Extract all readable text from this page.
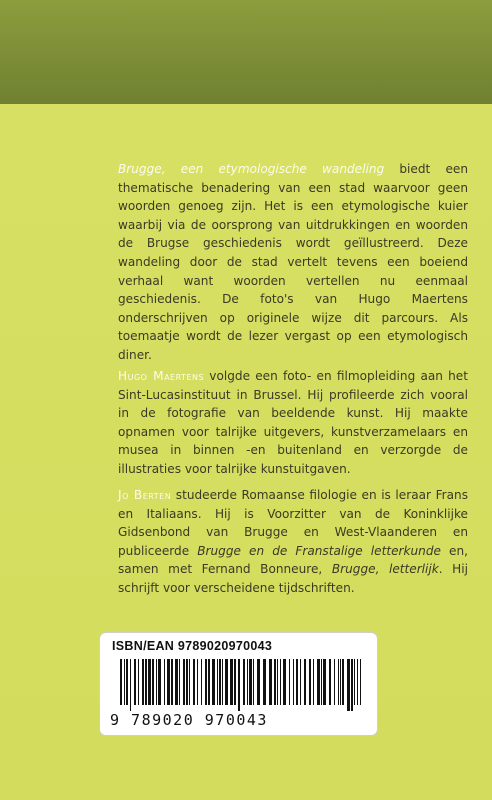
Brugge, een etymologische wandeling biedt een thematische benadering van een stad waarvoor geen woorden genoeg zijn. Het is een etymologische kuier waarbij via de oorsprong van uitdrukkingen en woorden de Brugse geschiedenis wordt geïllustreerd. Deze wandeling door de stad vertelt tevens een boeiend verhaal want woorden vertellen nu eenmaal geschiedenis. De foto's van Hugo Maertens onderschrijven op originele wijze dit parcours. Als toemaatje wordt de lezer vergast op een etymologisch diner.
Hugo Maertens volgde een foto- en filmopleiding aan het Sint-Lucasinstituut in Brussel. Hij profileerde zich vooral in de fotografie van beeldende kunst. Hij maakte opnamen voor talrijke uitgevers, kunstverzamelaars en musea in binnen -en buitenland en verzorgde de illustraties voor talrijke kunstuitgaven.
Jo Berten studeerde Romaanse filologie en is leraar Frans en Italiaans. Hij is Voorzitter van de Koninklijke Gidsenbond van Brugge en West-Vlaanderen en publiceerde Brugge en de Franstalige letterkunde en, samen met Fernand Bonneure, Brugge, letterlijk. Hij schrijft voor verscheidene tijdschriften.
ISBN/EAN 9789020970043
9 789020 970043
